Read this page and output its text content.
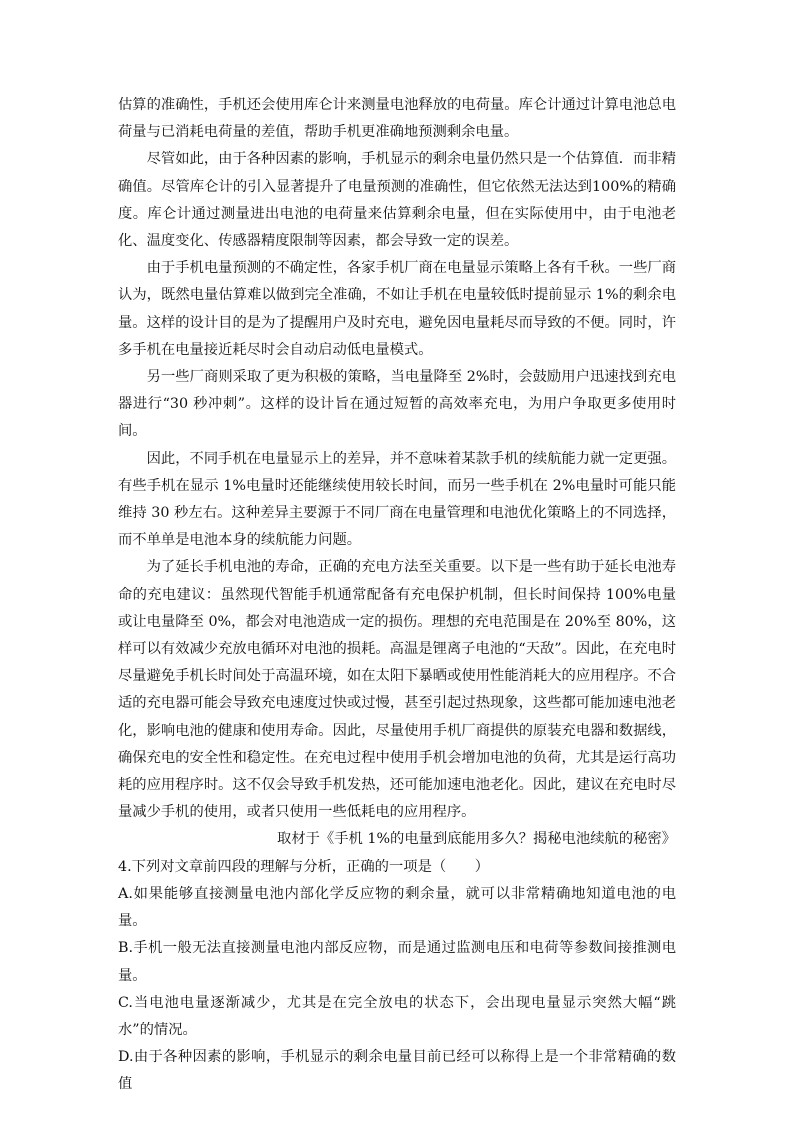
估算的准确性，手机还会使用库仑计来测量电池释放的电荷量。库仑计通过计算电池总电荷量与已消耗电荷量的差值，帮助手机更准确地预测剩余电量。

尽管如此，由于各种因素的影响，手机显示的剩余电量仍然只是一个估算值．而非精确值。尽管库仑计的引入显著提升了电量预测的准确性，但它依然无法达到100%的精确度。库仑计通过测量进出电池的电荷量来估算剩余电量，但在实际使用中，由于电池老化、温度变化、传感器精度限制等因素，都会导致一定的误差。

由于手机电量预测的不确定性，各家手机厂商在电量显示策略上各有千秋。一些厂商认为，既然电量估算难以做到完全准确，不如让手机在电量较低时提前显示 1%的剩余电量。这样的设计目的是为了提醒用户及时充电，避免因电量耗尽而导致的不便。同时，许多手机在电量接近耗尽时会自动启动低电量模式。

另一些厂商则采取了更为积极的策略，当电量降至 2%时，会鼓励用户迅速找到充电器进行“30 秒冲刺”。这样的设计旨在通过短暂的高效率充电，为用户争取更多使用时间。

因此，不同手机在电量显示上的差异，并不意味着某款手机的续航能力就一定更强。有些手机在显示 1%电量时还能继续使用较长时间，而另一些手机在 2%电量时可能只能维持 30 秒左右。这种差异主要源于不同厂商在电量管理和电池优化策略上的不同选择，而不单单是电池本身的续航能力问题。

为了延长手机电池的寿命，正确的充电方法至关重要。以下是一些有助于延长电池寿命的充电建议：虽然现代智能手机通常配备有充电保护机制，但长时间保持 100%电量或让电量降至 0%，都会对电池造成一定的损伤。理想的充电范围是在 20%至 80%，这样可以有效减少充放电循环对电池的损耗。高温是锂离子电池的“天敌”。因此，在充电时尽量避免手机长时间处于高温环境，如在太阳下暴晒或使用性能消耗大的应用程序。不合适的充电器可能会导致充电速度过快或过慢，甚至引起过热现象，这些都可能加速电池老化，影响电池的健康和使用寿命。因此，尽量使用手机厂商提供的原装充电器和数据线，确保充电的安全性和稳定性。在充电过程中使用手机会增加电池的负荷，尤其是运行高功耗的应用程序时。这不仅会导致手机发热，还可能加速电池老化。因此，建议在充电时尽量减少手机的使用，或者只使用一些低耗电的应用程序。

取材于《手机 1%的电量到底能用多久？揭秘电池续航的秘密》

4.下列对文章前四段的理解与分析，正确的一项是（　　）

A.如果能够直接测量电池内部化学反应物的剩余量，就可以非常精确地知道电池的电量。

B.手机一般无法直接测量电池内部反应物，而是通过监测电压和电荷等参数间接推测电量。

C.当电池电量逐渐减少，尤其是在完全放电的状态下，会出现电量显示突然大幅“跳水”的情况。

D.由于各种因素的影响，手机显示的剩余电量目前已经可以称得上是一个非常精确的数值
